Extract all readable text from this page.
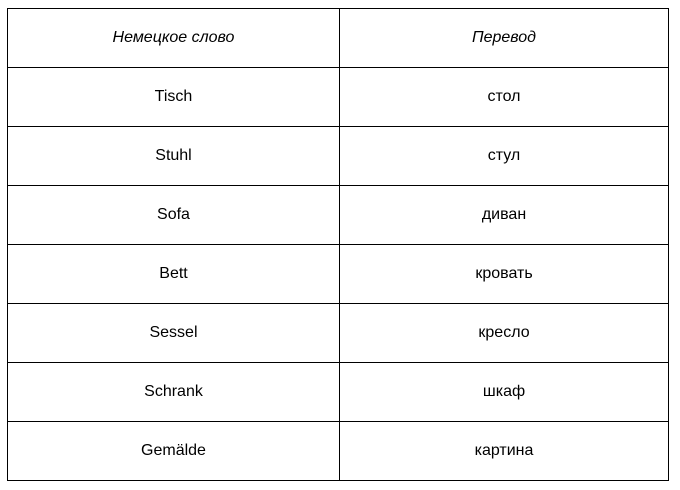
Немецкое слово	Перевод
Tisch	стол
Stuhl	стул
Sofa	диван
Bett	кровать
Sessel	кресло
Schrank	шкаф
Gemälde	картина
